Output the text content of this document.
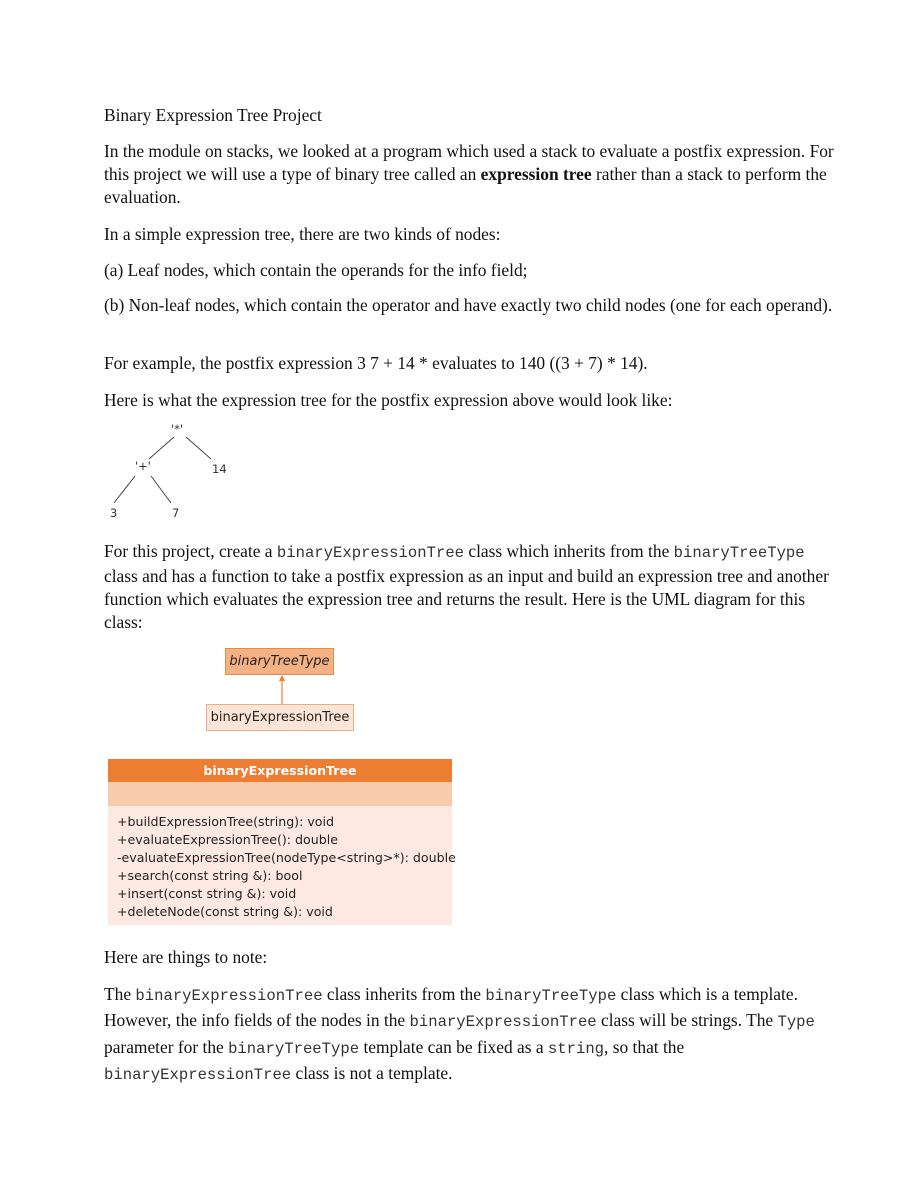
Binary Expression Tree Project

In the module on stacks, we looked at a program which used a stack to evaluate a postfix expression. For this project we will use a type of binary tree called an expression tree rather than a stack to perform the evaluation.

In a simple expression tree, there are two kinds of nodes:

(a) Leaf nodes, which contain the operands for the info field;

(b) Non-leaf nodes, which contain the operator and have exactly two child nodes (one for each operand).

For example, the postfix expression 3 7 + 14 * evaluates to 140 ((3 + 7) * 14).

Here is what the expression tree for the postfix expression above would look like:

'*'
'+'	14
3	7

For this project, create a binaryExpressionTree class which inherits from the binaryTreeType class and has a function to take a postfix expression as an input and build an expression tree and another function which evaluates the expression tree and returns the result. Here is the UML diagram for this class:

binaryTreeType
binaryExpressionTree
binaryExpressionTree
+buildExpressionTree(string): void
+evaluateExpressionTree(): double
-evaluateExpressionTree(nodeType<string>*): double
+search(const string &): bool
+insert(const string &): void
+deleteNode(const string &): void

Here are things to note:

The binaryExpressionTree class inherits from the binaryTreeType class which is a template. However, the info fields of the nodes in the binaryExpressionTree class will be strings. The Type parameter for the binaryTreeType template can be fixed as a string, so that the binaryExpressionTree class is not a template.
